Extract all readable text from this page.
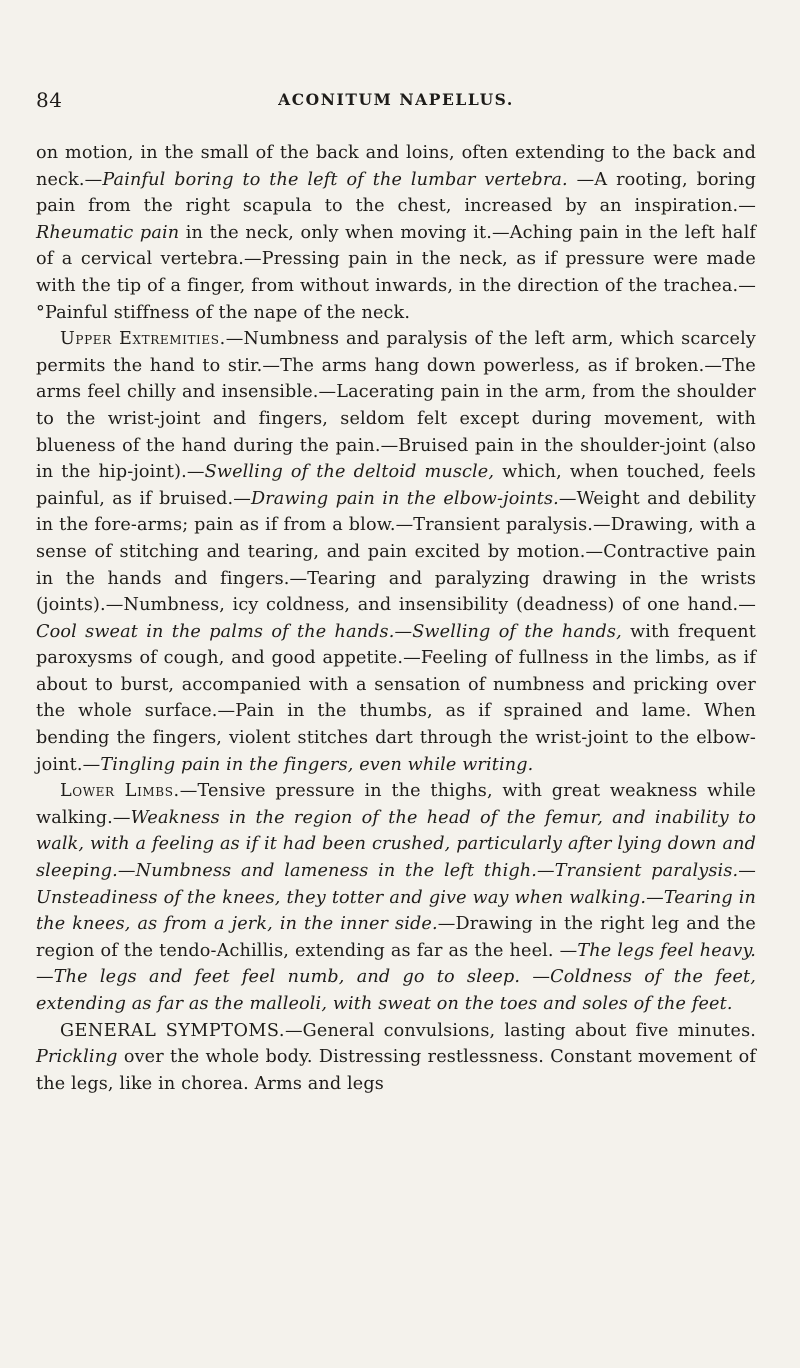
84	ACONITUM NAPELLUS.

on motion, in the small of the back and loins, often extending to the back and neck.—Painful boring to the left of the lumbar vertebra. —A rooting, boring pain from the right scapula to the chest, increased by an inspiration.—Rheumatic pain in the neck, only when moving it.—Aching pain in the left half of a cervical vertebra.—Pressing pain in the neck, as if pressure were made with the tip of a finger, from without inwards, in the direction of the trachea.—°Painful stiffness of the nape of the neck.

Upper Extremities.—Numbness and paralysis of the left arm, which scarcely permits the hand to stir.—The arms hang down powerless, as if broken.—The arms feel chilly and insensible.—Lacerating pain in the arm, from the shoulder to the wrist-joint and fingers, seldom felt except during movement, with blueness of the hand during the pain.—Bruised pain in the shoulder-joint (also in the hip-joint).—Swelling of the deltoid muscle, which, when touched, feels painful, as if bruised.—Drawing pain in the elbow-joints.—Weight and debility in the fore-arms; pain as if from a blow.—Transient paralysis.—Drawing, with a sense of stitching and tearing, and pain excited by motion.—Contractive pain in the hands and fingers.—Tearing and paralyzing drawing in the wrists (joints).—Numbness, icy coldness, and insensibility (deadness) of one hand.—Cool sweat in the palms of the hands.—Swelling of the hands, with frequent paroxysms of cough, and good appetite.—Feeling of fullness in the limbs, as if about to burst, accompanied with a sensation of numbness and pricking over the whole surface.—Pain in the thumbs, as if sprained and lame. When bending the fingers, violent stitches dart through the wrist-joint to the elbow-joint.—Tingling pain in the fingers, even while writing.

Lower Limbs.—Tensive pressure in the thighs, with great weakness while walking.—Weakness in the region of the head of the femur, and inability to walk, with a feeling as if it had been crushed, particularly after lying down and sleeping.—Numbness and lameness in the left thigh.—Transient paralysis.—Unsteadiness of the knees, they totter and give way when walking.—Tearing in the knees, as from a jerk, in the inner side.—Drawing in the right leg and the region of the tendo-Achillis, extending as far as the heel. —The legs feel heavy.—The legs and feet feel numb, and go to sleep. —Coldness of the feet, extending as far as the malleoli, with sweat on the toes and soles of the feet.

GENERAL SYMPTOMS.—General convulsions, lasting about five minutes. Prickling over the whole body. Distressing restlessness. Constant movement of the legs, like in chorea. Arms and legs
